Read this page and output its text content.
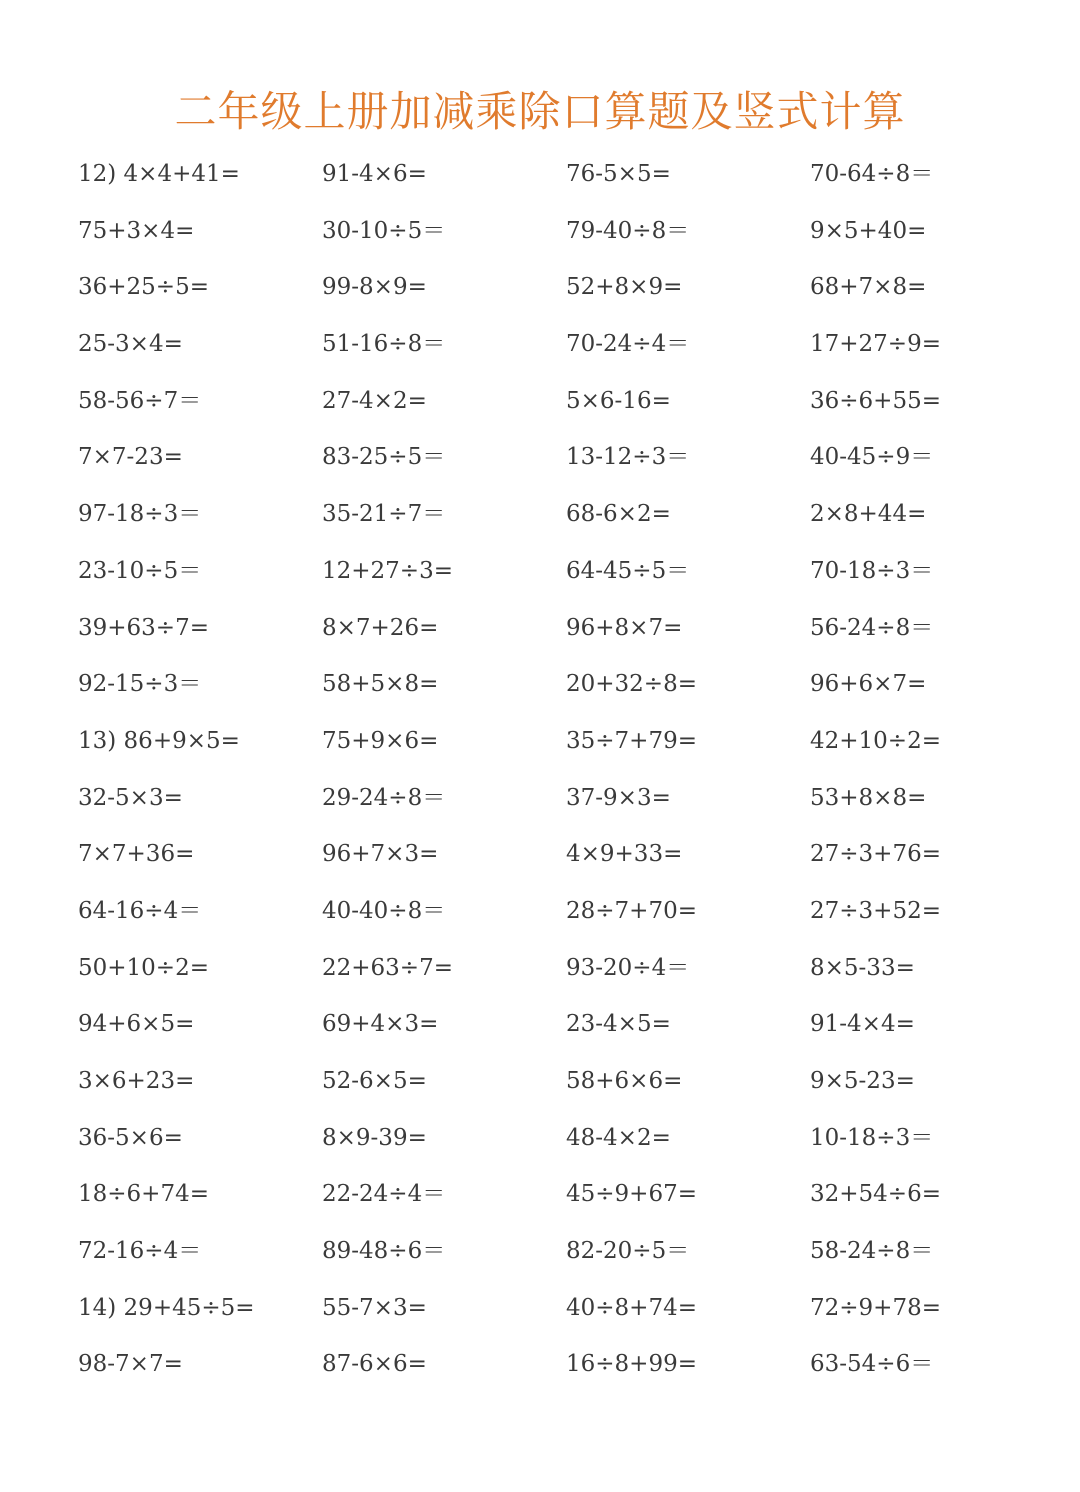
二年级上册加减乘除口算题及竖式计算
12) 4×4+41=	91-4×6=	76-5×5=	70-64÷8＝
75+3×4=	30-10÷5＝	79-40÷8＝	9×5+40=
36+25÷5=	99-8×9=	52+8×9=	68+7×8=
25-3×4=	51-16÷8＝	70-24÷4＝	17+27÷9=
58-56÷7＝	27-4×2=	5×6-16=	36÷6+55=
7×7-23=	83-25÷5＝	13-12÷3＝	40-45÷9＝
97-18÷3＝	35-21÷7＝	68-6×2=	2×8+44=
23-10÷5＝	12+27÷3=	64-45÷5＝	70-18÷3＝
39+63÷7=	8×7+26=	96+8×7=	56-24÷8＝
92-15÷3＝	58+5×8=	20+32÷8=	96+6×7=
13) 86+9×5=	75+9×6=	35÷7+79=	42+10÷2=
32-5×3=	29-24÷8＝	37-9×3=	53+8×8=
7×7+36=	96+7×3=	4×9+33=	27÷3+76=
64-16÷4＝	40-40÷8＝	28÷7+70=	27÷3+52=
50+10÷2=	22+63÷7=	93-20÷4＝	8×5-33=
94+6×5=	69+4×3=	23-4×5=	91-4×4=
3×6+23=	52-6×5=	58+6×6=	9×5-23=
36-5×6=	8×9-39=	48-4×2=	10-18÷3＝
18÷6+74=	22-24÷4＝	45÷9+67=	32+54÷6=
72-16÷4＝	89-48÷6＝	82-20÷5＝	58-24÷8＝
14) 29+45÷5=	55-7×3=	40÷8+74=	72÷9+78=
98-7×7=	87-6×6=	16÷8+99=	63-54÷6＝
